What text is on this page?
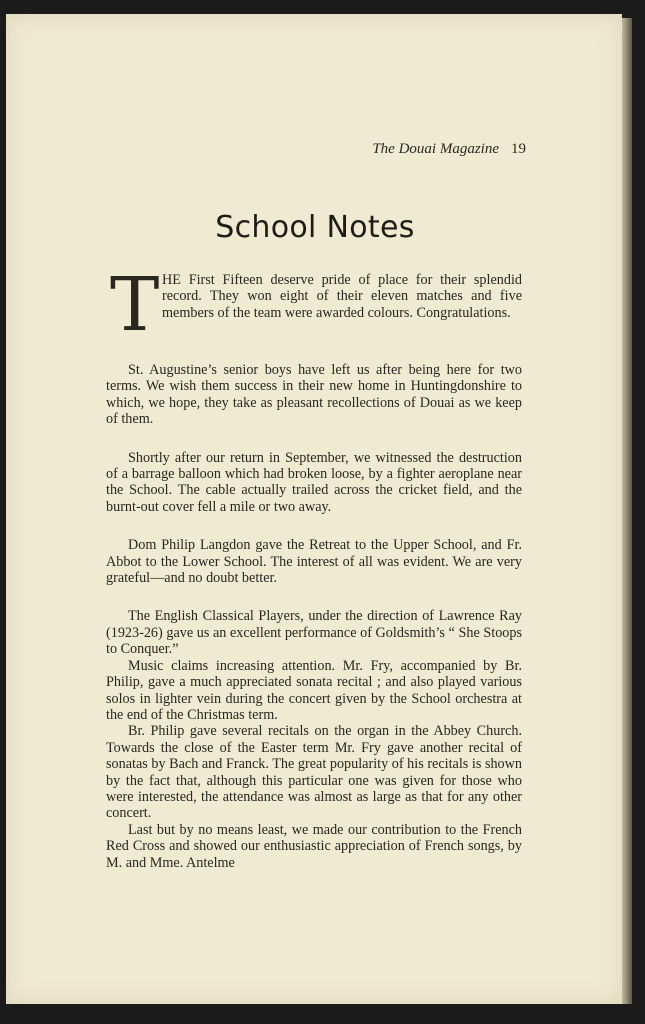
The Douai Magazine 19
School Notes

T HE First Fifteen deserve pride of place for their splendid record. They won eight of their eleven matches and five members of the team were awarded colours. Congratulations.

St. Augustine’s senior boys have left us after being here for two terms. We wish them success in their new home in Huntingdonshire to which, we hope, they take as pleasant recollections of Douai as we keep of them.

Shortly after our return in September, we witnessed the destruction of a barrage balloon which had broken loose, by a fighter aeroplane near the School. The cable actually trailed across the cricket field, and the burnt-out cover fell a mile or two away.

Dom Philip Langdon gave the Retreat to the Upper School, and Fr. Abbot to the Lower School. The interest of all was evident. We are very grateful—and no doubt better.

The English Classical Players, under the direction of Lawrence Ray (1923-26) gave us an excellent performance of Goldsmith’s “ She Stoops to Conquer.”

Music claims increasing attention. Mr. Fry, accompanied by Br. Philip, gave a much appreciated sonata recital ; and also played various solos in lighter vein during the concert given by the School orchestra at the end of the Christmas term.

Br. Philip gave several recitals on the organ in the Abbey Church. Towards the close of the Easter term Mr. Fry gave another recital of sonatas by Bach and Franck. The great popularity of his recitals is shown by the fact that, although this particular one was given for those who were interested, the attendance was almost as large as that for any other concert.

Last but by no means least, we made our contribution to the French Red Cross and showed our enthusiastic appreciation of French songs, by M. and Mme. Antelme
